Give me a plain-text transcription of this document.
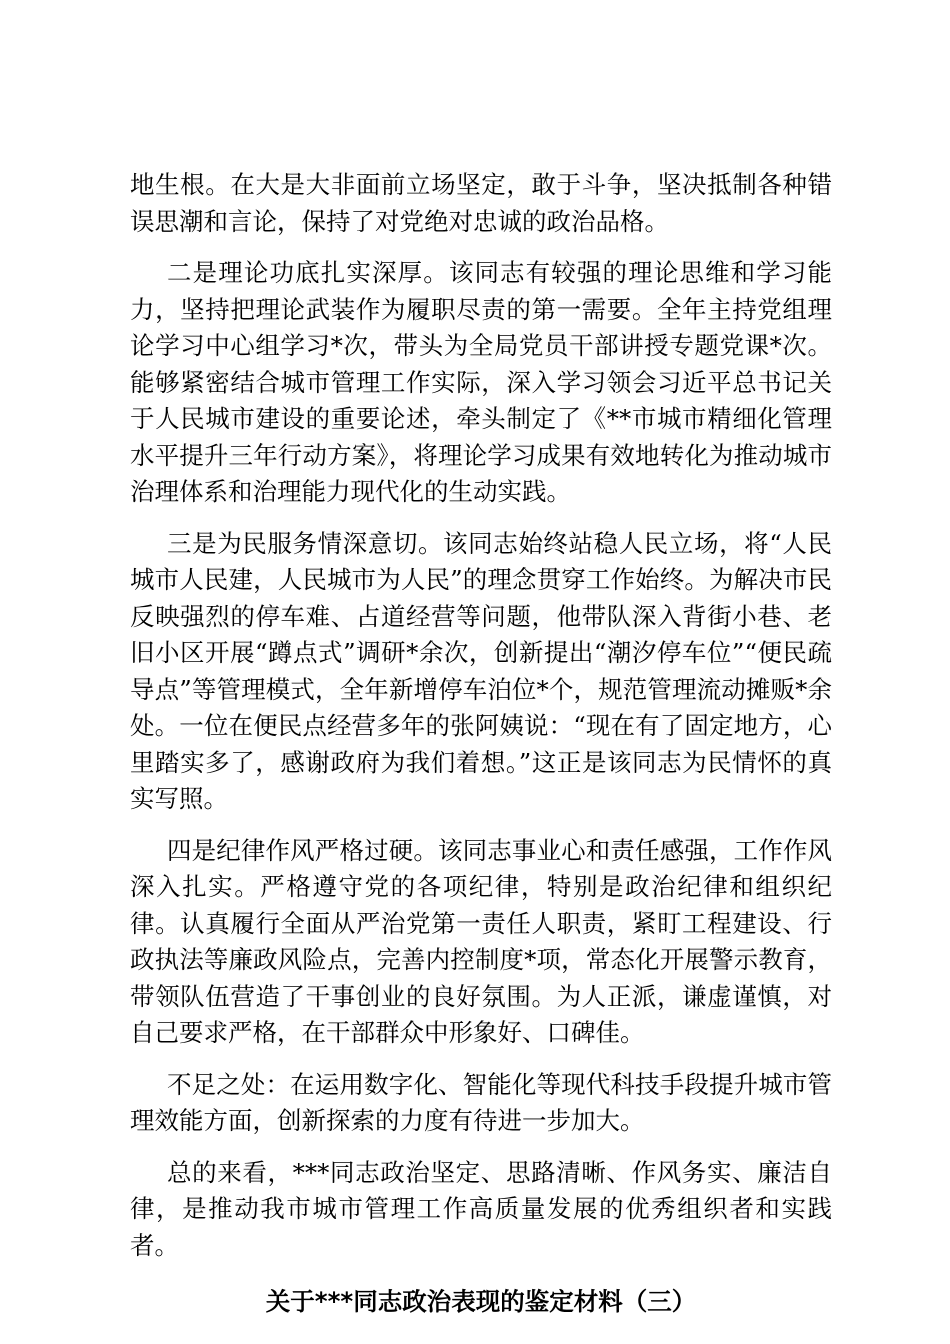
地生根。在大是大非面前立场坚定，敢于斗争，坚决抵制各种错误思潮和言论，保持了对党绝对忠诚的政治品格。

二是理论功底扎实深厚。该同志有较强的理论思维和学习能力，坚持把理论武装作为履职尽责的第一需要。全年主持党组理论学习中心组学习*次，带头为全局党员干部讲授专题党课*次。能够紧密结合城市管理工作实际，深入学习领会习近平总书记关于人民城市建设的重要论述，牵头制定了《**市城市精细化管理水平提升三年行动方案》，将理论学习成果有效地转化为推动城市治理体系和治理能力现代化的生动实践。

三是为民服务情深意切。该同志始终站稳人民立场，将“人民城市人民建，人民城市为人民”的理念贯穿工作始终。为解决市民反映强烈的停车难、占道经营等问题，他带队深入背街小巷、老旧小区开展“蹲点式”调研*余次，创新提出“潮汐停车位”“便民疏导点”等管理模式，全年新增停车泊位*个，规范管理流动摊贩*余处。一位在便民点经营多年的张阿姨说：“现在有了固定地方，心里踏实多了，感谢政府为我们着想。”这正是该同志为民情怀的真实写照。

四是纪律作风严格过硬。该同志事业心和责任感强，工作作风深入扎实。严格遵守党的各项纪律，特别是政治纪律和组织纪律。认真履行全面从严治党第一责任人职责，紧盯工程建设、行政执法等廉政风险点，完善内控制度*项，常态化开展警示教育，带领队伍营造了干事创业的良好氛围。为人正派，谦虚谨慎，对自己要求严格，在干部群众中形象好、口碑佳。

不足之处：在运用数字化、智能化等现代科技手段提升城市管理效能方面，创新探索的力度有待进一步加大。

总的来看，***同志政治坚定、思路清晰、作风务实、廉洁自律，是推动我市城市管理工作高质量发展的优秀组织者和实践者。

关于***同志政治表现的鉴定材料（三）
